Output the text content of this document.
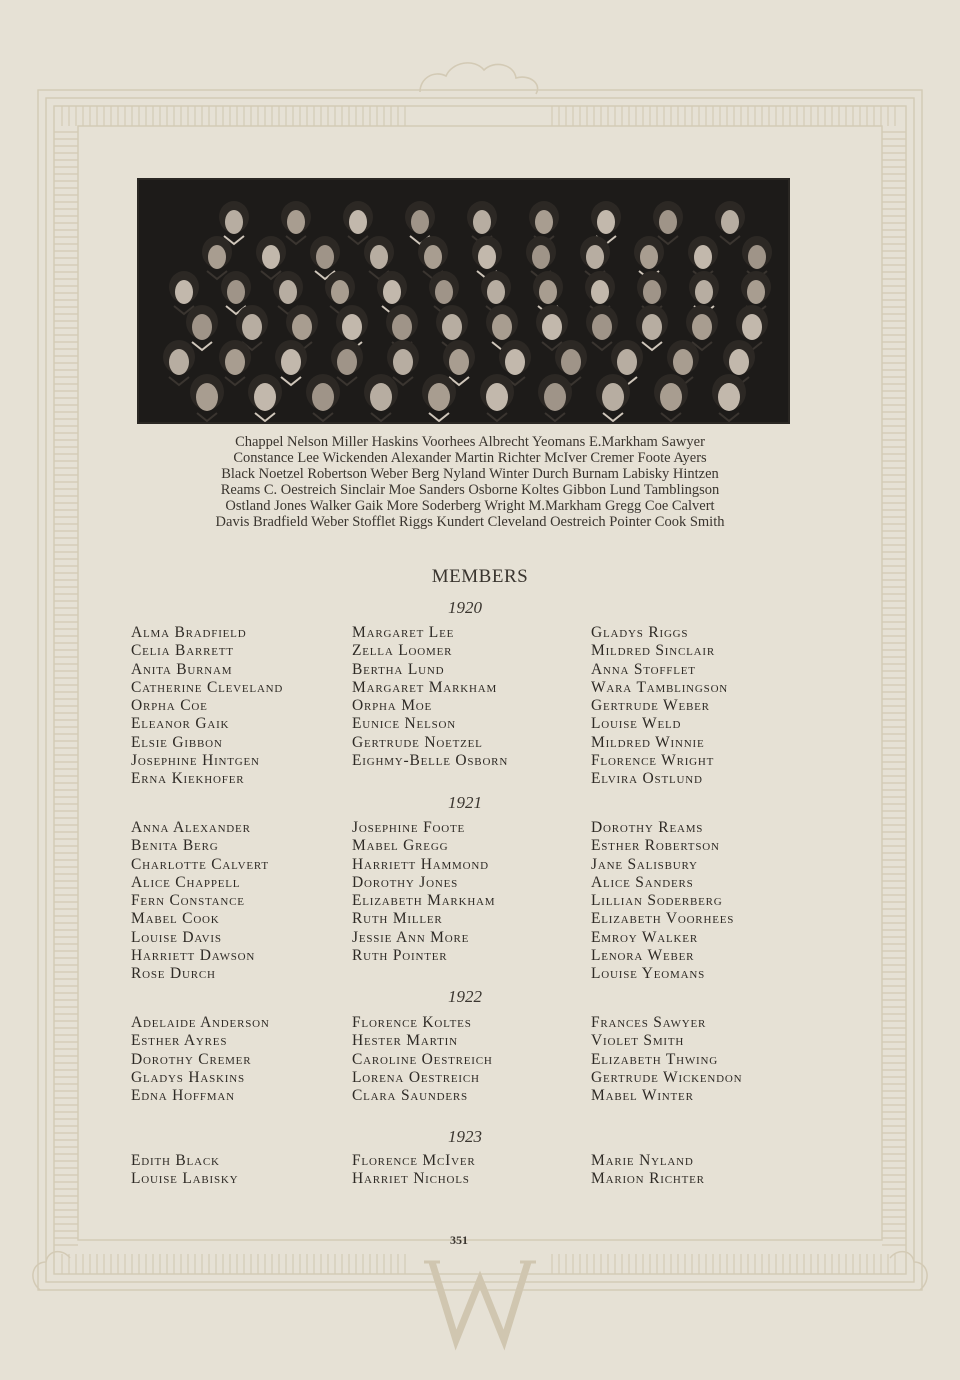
Chappel Nelson Miller Haskins Voorhees Albrecht Yeomans E.Markham Sawyer
Constance Lee Wickenden Alexander Martin Richter McIver Cremer Foote Ayers
Black Noetzel Robertson Weber Berg Nyland Winter Durch Burnam Labisky Hintzen
Reams C. Oestreich Sinclair Moe Sanders Osborne Koltes Gibbon Lund Tamblingson
Ostland Jones Walker Gaik More Soderberg Wright M.Markham Gregg Coe Calvert
Davis Bradfield Weber Stofflet Riggs Kundert Cleveland Oestreich Pointer Cook Smith
MEMBERS
1920
Alma Bradfield
Celia Barrett
Anita Burnam
Catherine Cleveland
Orpha Coe
Eleanor Gaik
Elsie Gibbon
Josephine Hintgen
Erna Kiekhofer
Margaret Lee
Zella Loomer
Bertha Lund
Margaret Markham
Orpha Moe
Eunice Nelson
Gertrude Noetzel
Eighmy-Belle Osborn
Gladys Riggs
Mildred Sinclair
Anna Stofflet
Wara Tamblingson
Gertrude Weber
Louise Weld
Mildred Winnie
Florence Wright
Elvira Ostlund
1921
Anna Alexander
Benita Berg
Charlotte Calvert
Alice Chappell
Fern Constance
Mabel Cook
Louise Davis
Harriett Dawson
Rose Durch
Josephine Foote
Mabel Gregg
Harriett Hammond
Dorothy Jones
Elizabeth Markham
Ruth Miller
Jessie Ann More
Ruth Pointer
Dorothy Reams
Esther Robertson
Jane Salisbury
Alice Sanders
Lillian Soderberg
Elizabeth Voorhees
Emroy Walker
Lenora Weber
Louise Yeomans
1922
Adelaide Anderson
Esther Ayres
Dorothy Cremer
Gladys Haskins
Edna Hoffman
Florence Koltes
Hester Martin
Caroline Oestreich
Lorena Oestreich
Clara Saunders
Frances Sawyer
Violet Smith
Elizabeth Thwing
Gertrude Wickendon
Mabel Winter
1923
Edith Black
Louise Labisky
Florence McIver
Harriet Nichols
Marie Nyland
Marion Richter
351
